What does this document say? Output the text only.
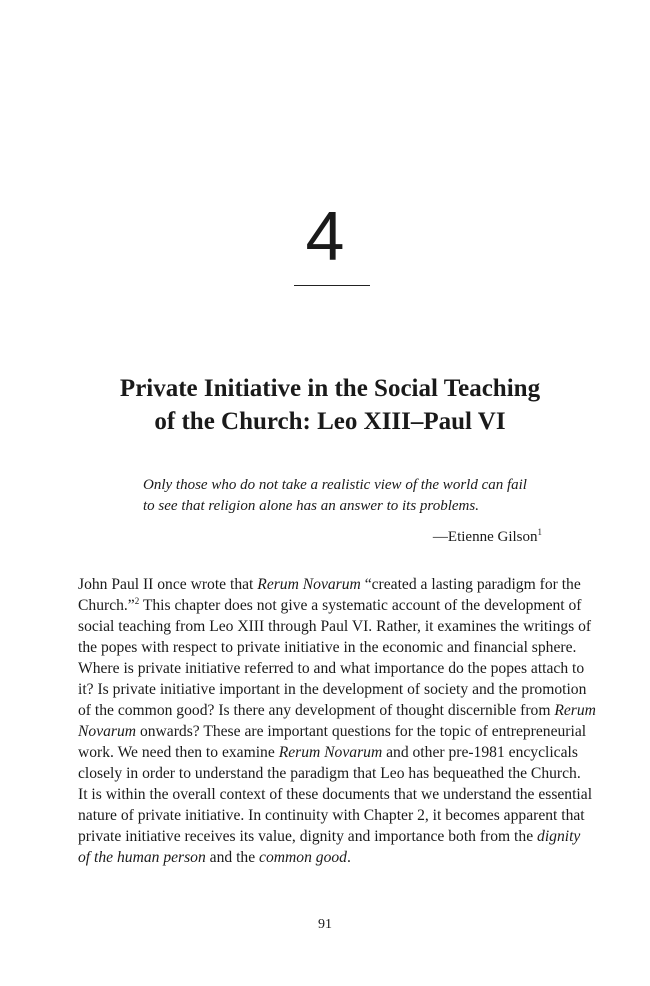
4
Private Initiative in the Social Teaching
of the Church: Leo XIII–Paul VI

Only those who do not take a realistic view of the world can fail
to see that religion alone has an answer to its problems.

—Etienne Gilson$^1$
John Paul II once wrote that Rerum Novarum “created a lasting paradigm for the
Church.”$^2$ This chapter does not give a systematic account of the development of
social teaching from Leo XIII through Paul VI. Rather, it examines the writings of
the popes with respect to private initiative in the economic and financial sphere.
Where is private initiative referred to and what importance do the popes attach to
it? Is private initiative important in the development of society and the promotion
of the common good? Is there any development of thought discernible from Rerum
Novarum onwards? These are important questions for the topic of entrepreneurial
work. We need then to examine Rerum Novarum and other pre-1981 encyclicals
closely in order to understand the paradigm that Leo has bequeathed the Church.
It is within the overall context of these documents that we understand the essential
nature of private initiative. In continuity with Chapter 2, it becomes apparent that
private initiative receives its value, dignity and importance both from the dignity
of the human person and the common good.
91
